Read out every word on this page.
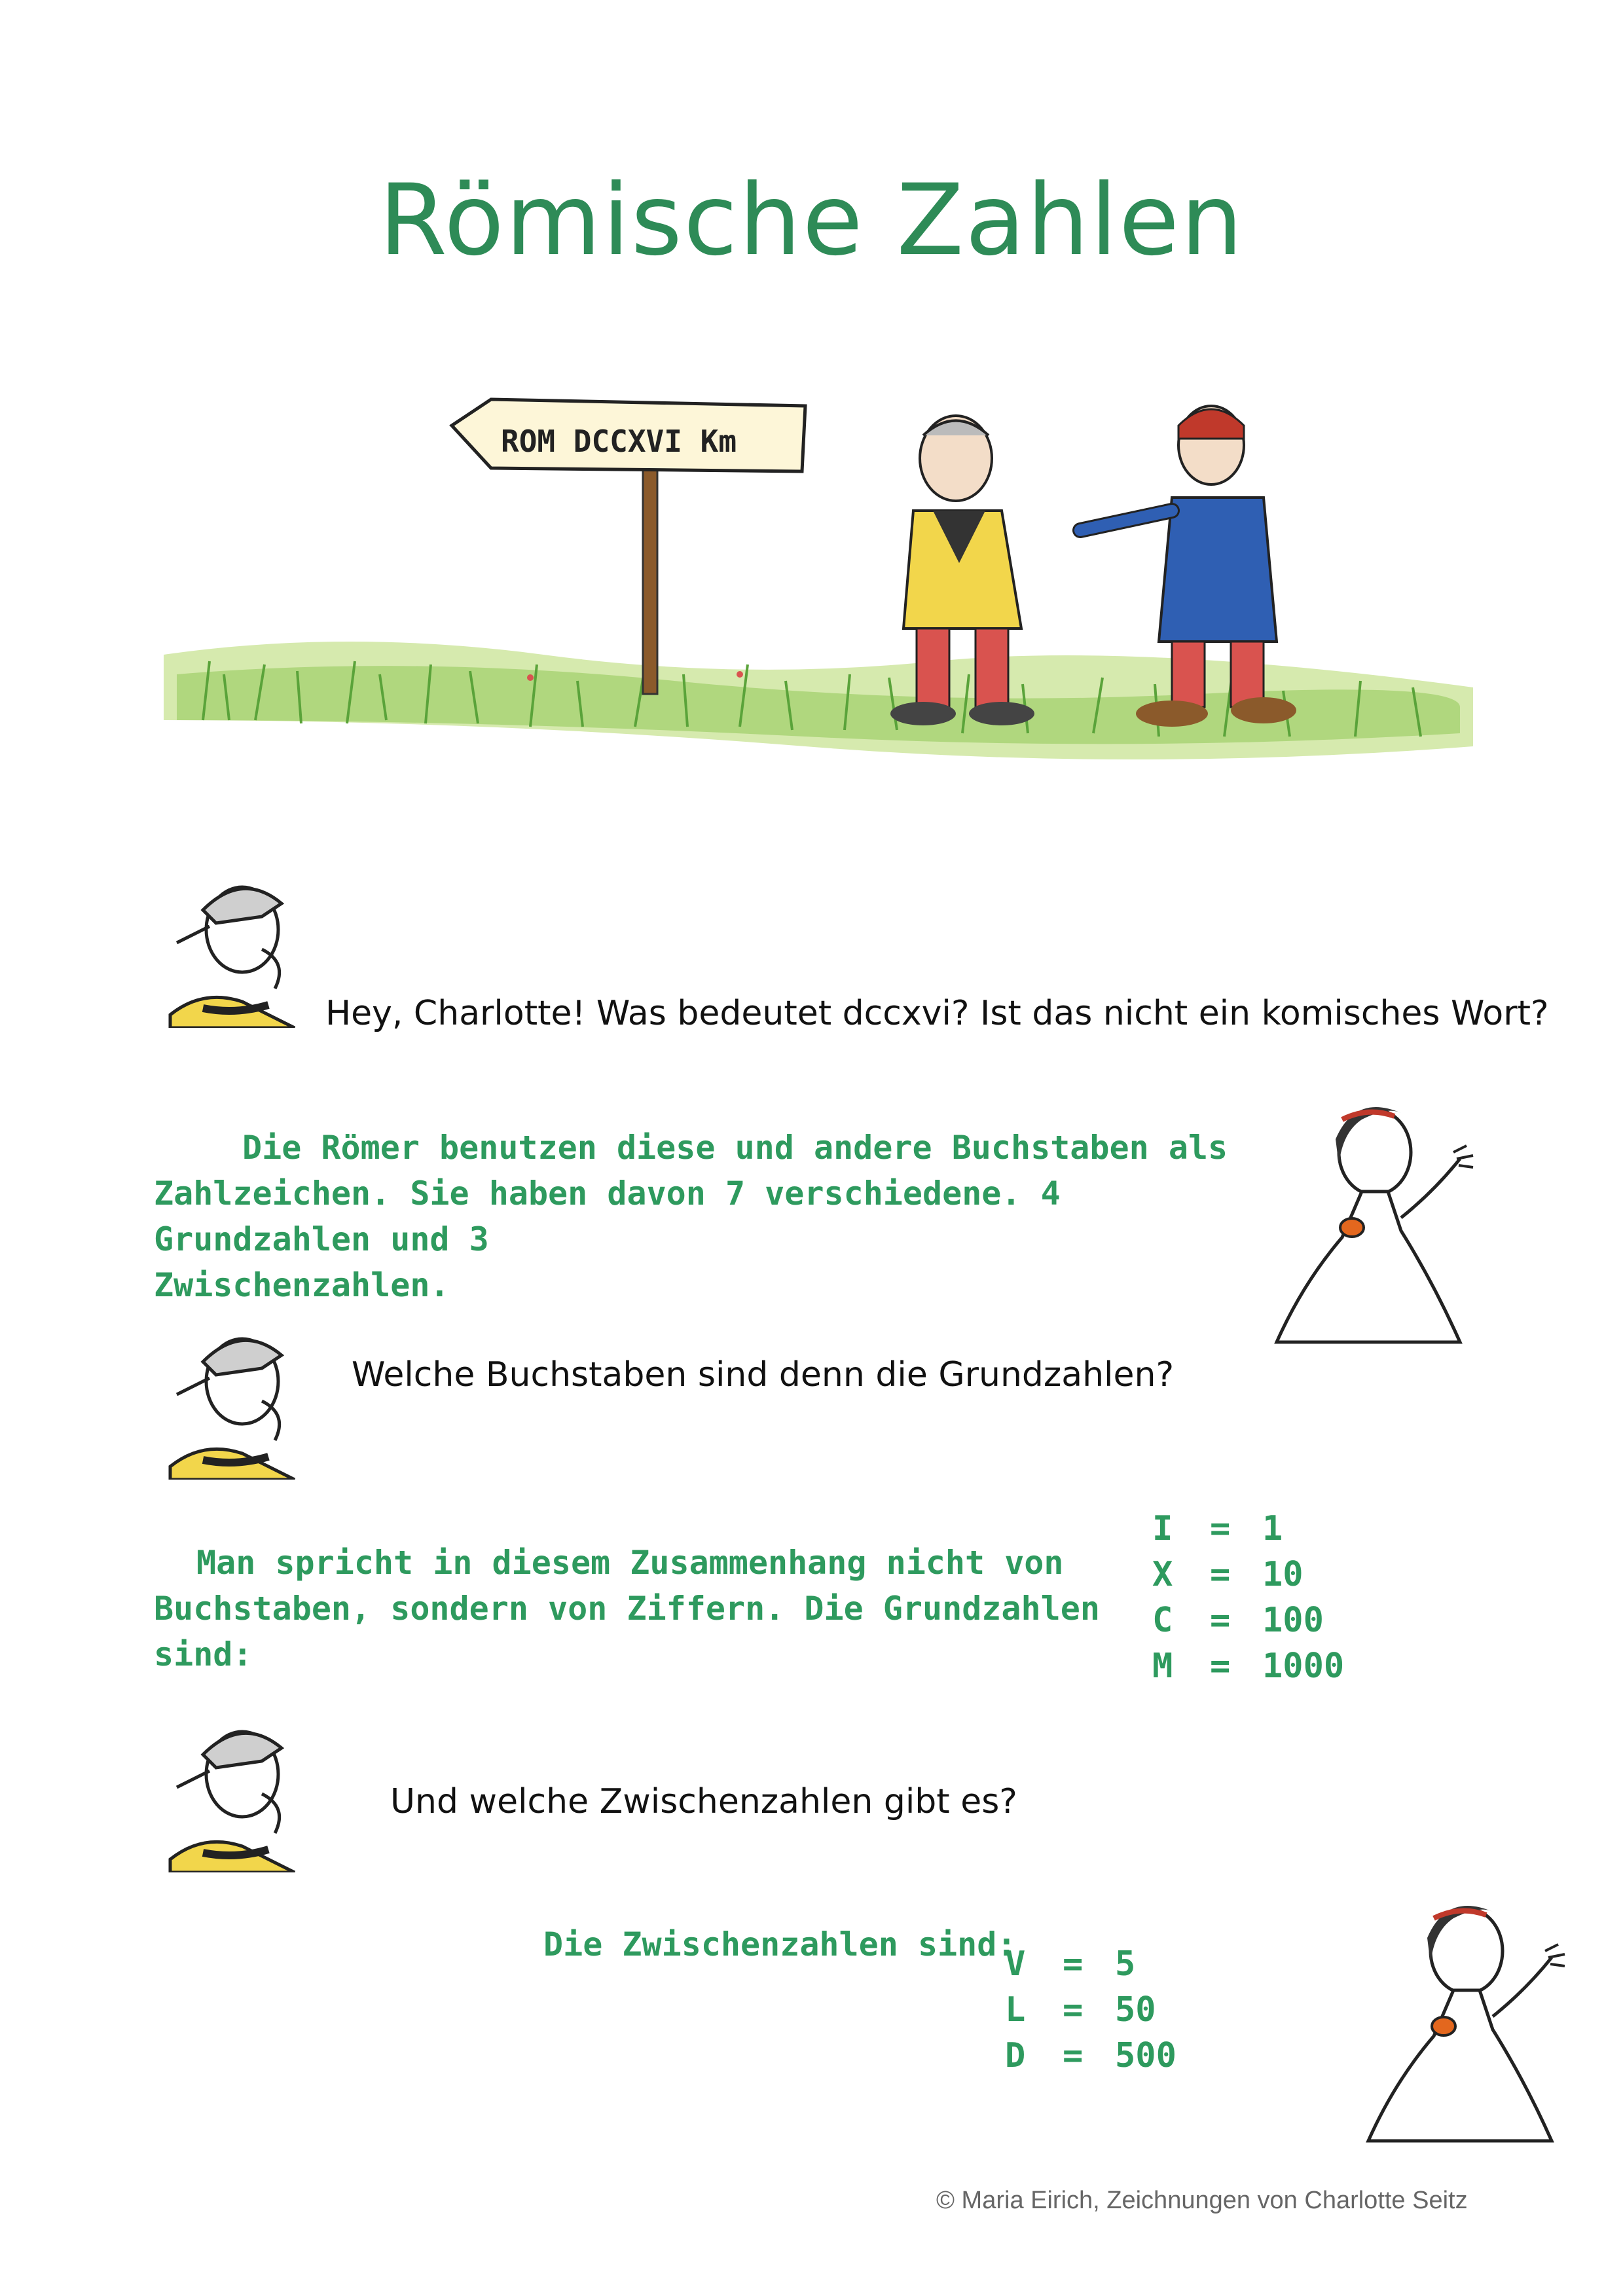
Römische Zahlen
ROM DCCXVI Km
Hey, Charlotte! Was bedeutet dccxvi? Ist das nicht ein komisches Wort?
Die Römer benutzen diese und andere Buchstaben als
Zahlzeichen. Sie haben davon 7 verschiedene. 4 Grundzahlen und 3
Zwischenzahlen.
Welche Buchstaben sind denn die Grundzahlen?
Man spricht in diesem Zusammenhang nicht von
Buchstaben, sondern von Ziffern. Die Grundzahlen sind:
I = 1
X = 10
C = 100
M = 1000
Und welche Zwischenzahlen gibt es?
Die Zwischenzahlen sind:
V = 5
L = 50
D = 500
© Maria Eirich, Zeichnungen von Charlotte Seitz
